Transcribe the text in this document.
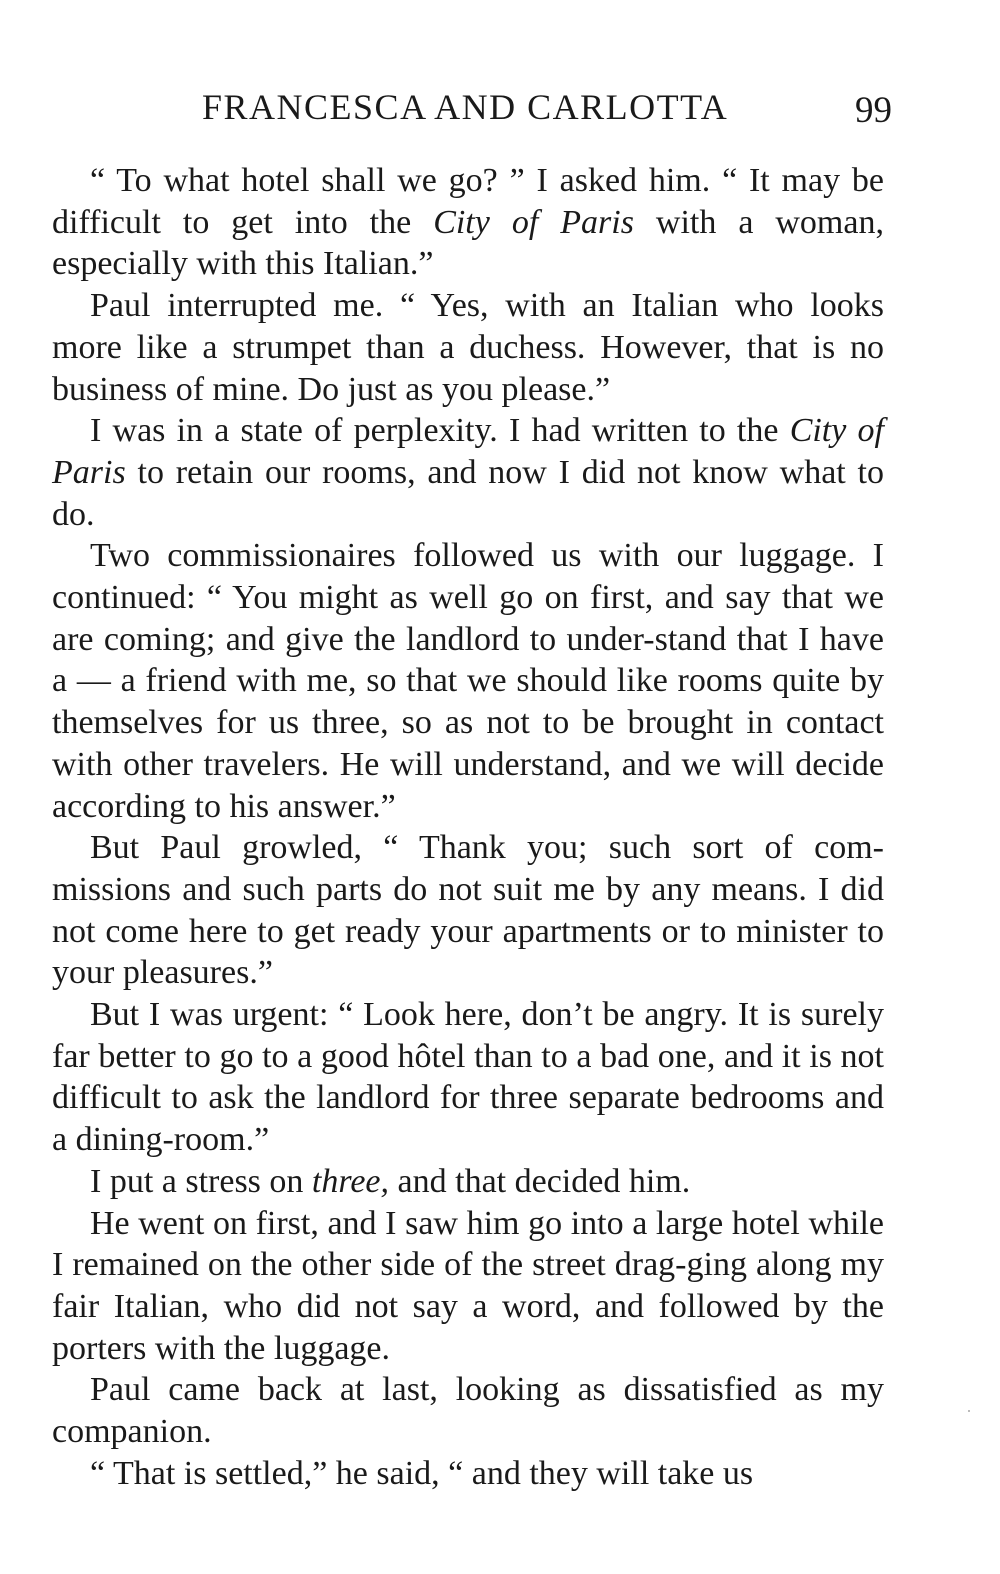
FRANCESCA AND CARLOTTA	99

“ To what hotel shall we go? ” I asked him. “ It may be difficult to get into the City of Paris with a woman, especially with this Italian.”

Paul interrupted me. “ Yes, with an Italian who looks more like a strumpet than a duchess. However, that is no business of mine. Do just as you please.”

I was in a state of perplexity. I had written to the City of Paris to retain our rooms, and now I did not know what to do.

Two commissionaires followed us with our luggage. I continued: “ You might as well go on first, and say that we are coming; and give the landlord to under-stand that I have a — a friend with me, so that we should like rooms quite by themselves for us three, so as not to be brought in contact with other travelers. He will understand, and we will decide according to his answer.”

But Paul growled, “ Thank you; such sort of com-missions and such parts do not suit me by any means. I did not come here to get ready your apartments or to minister to your pleasures.”

But I was urgent: “ Look here, don’t be angry. It is surely far better to go to a good hôtel than to a bad one, and it is not difficult to ask the landlord for three separate bedrooms and a dining-room.”

I put a stress on three, and that decided him.

He went on first, and I saw him go into a large hotel while I remained on the other side of the street drag-ging along my fair Italian, who did not say a word, and followed by the porters with the luggage.

Paul came back at last, looking as dissatisfied as my companion.

“ That is settled,” he said, “ and they will take us
